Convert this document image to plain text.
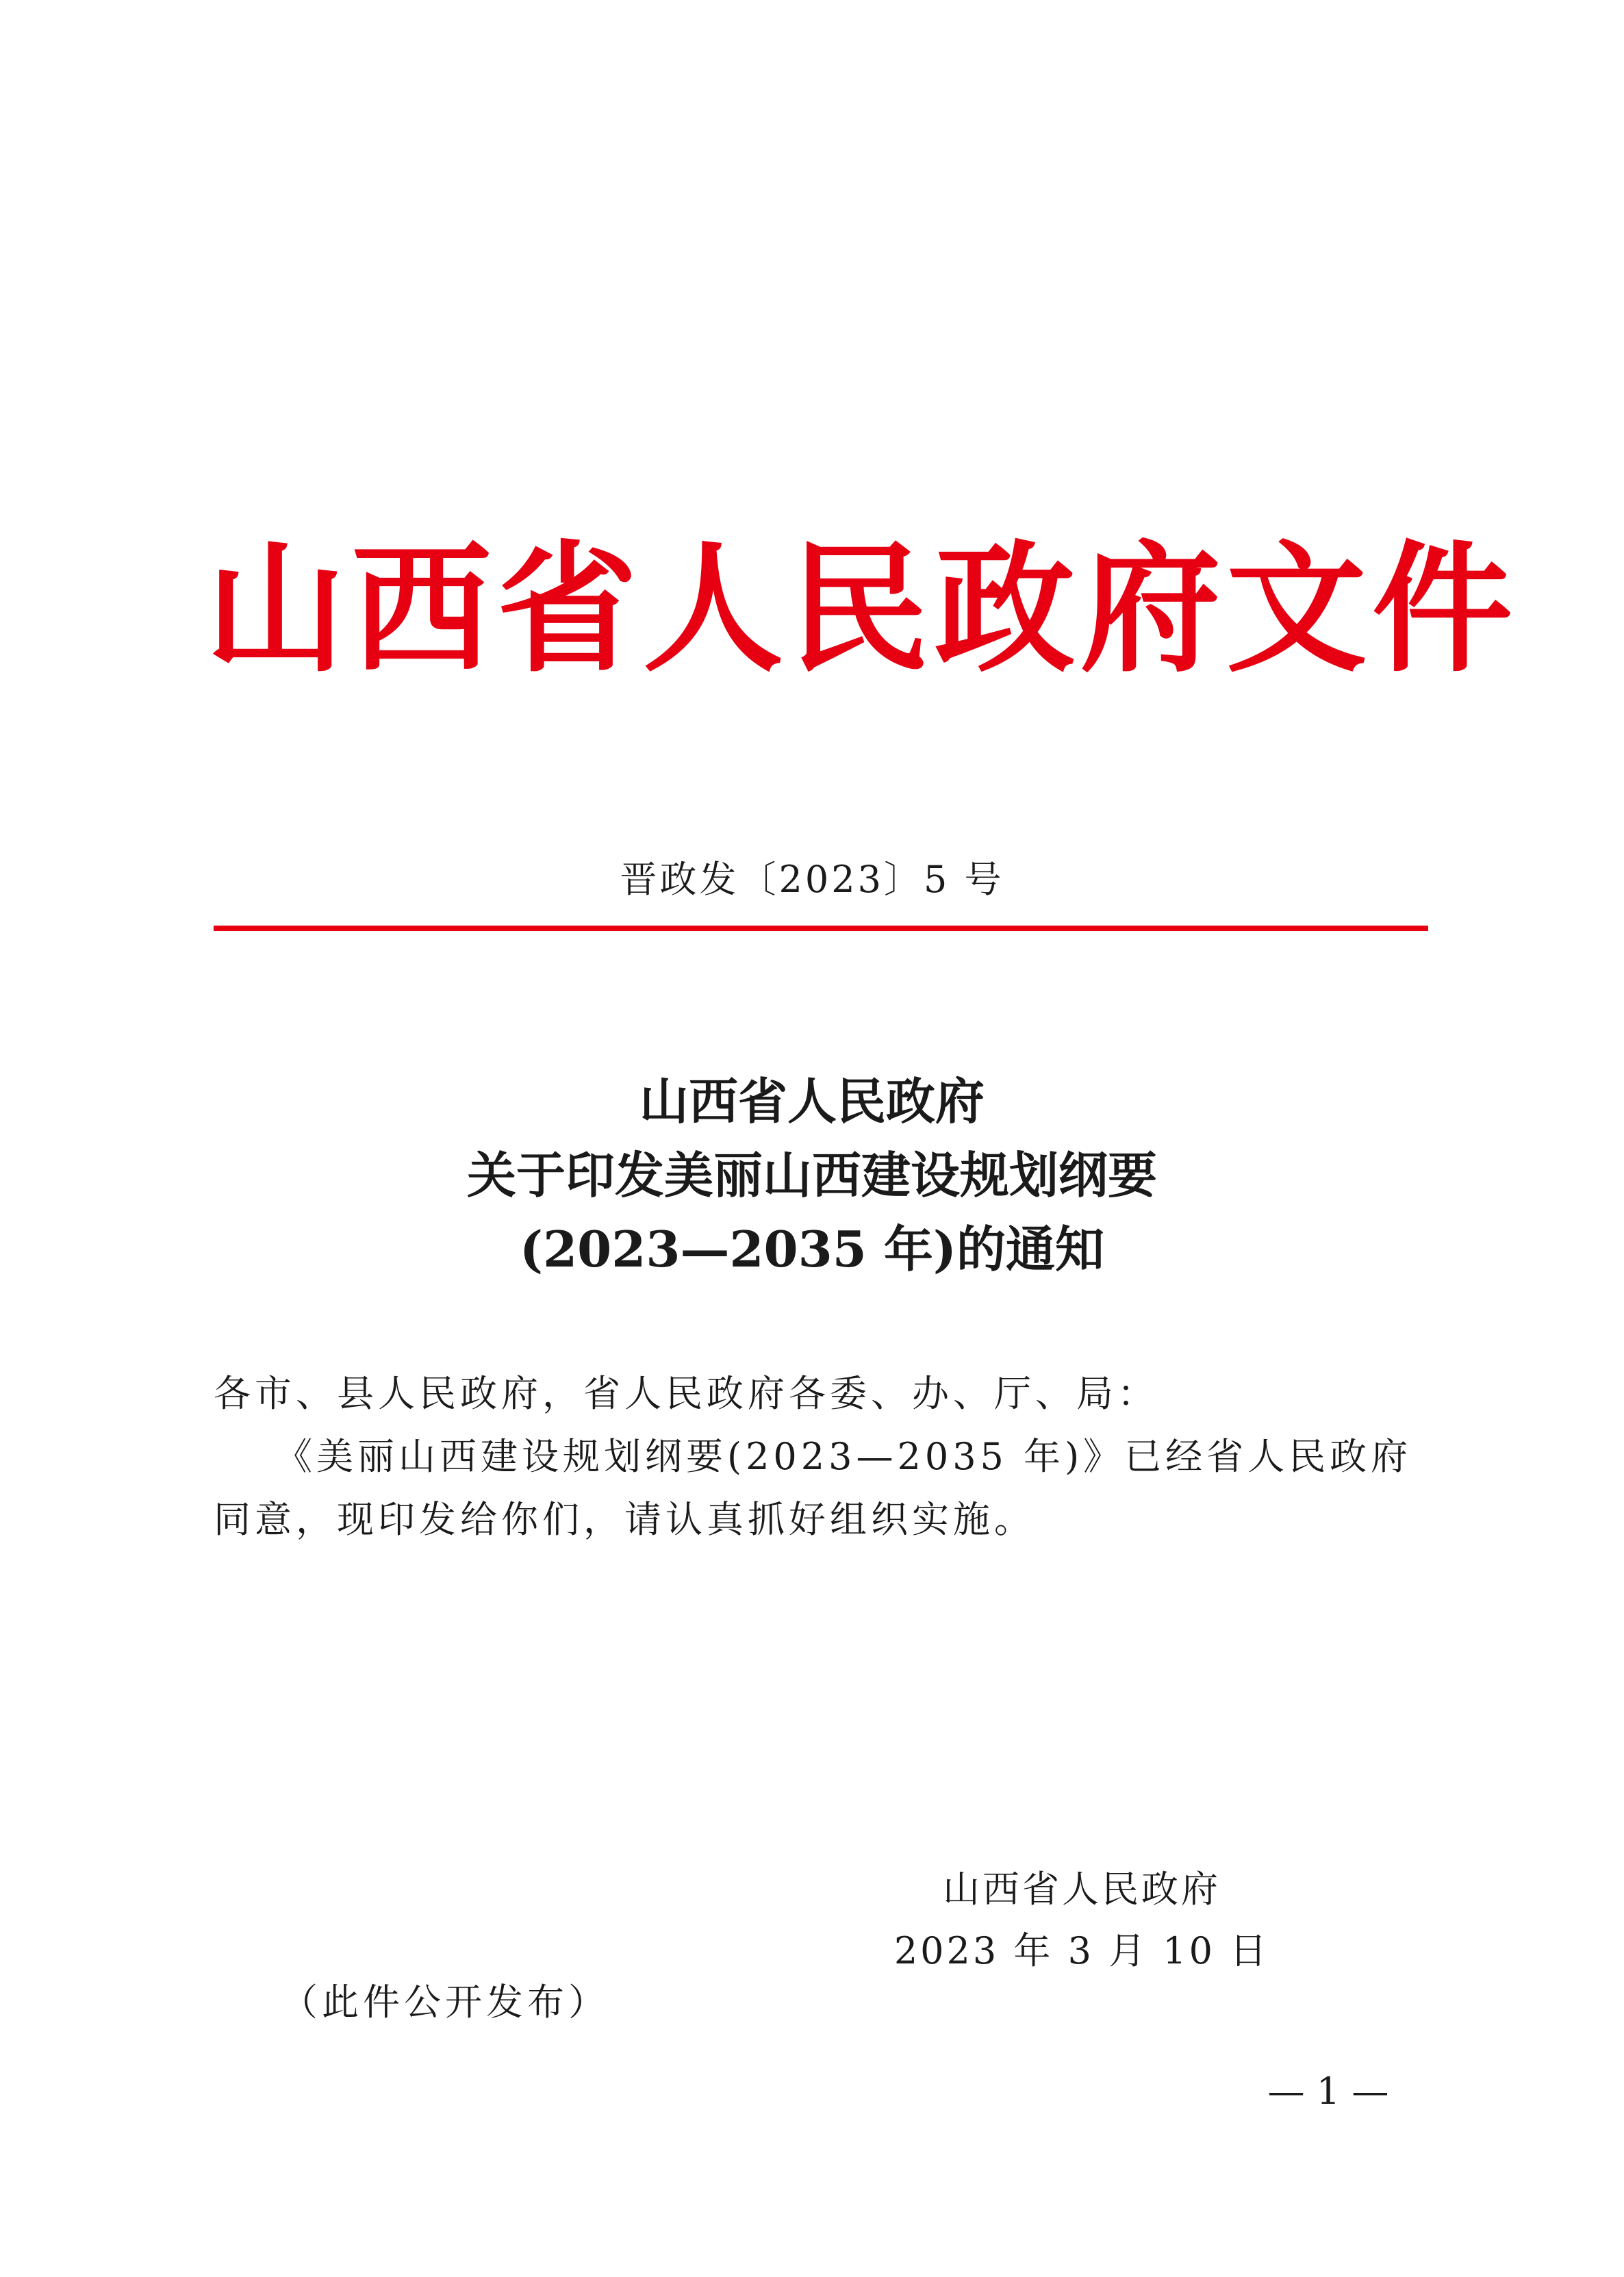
山西省人民政府文件
晋政发〔2023〕5 号
山西省人民政府
关于印发美丽山西建设规划纲要
(2023—2035 年)的通知
各市、县人民政府，省人民政府各委、办、厅、局：
《美丽山西建设规划纲要(2023—2035 年)》已经省人民政府
同意，现印发给你们，请认真抓好组织实施。
山西省人民政府
2023 年 3 月 10 日
（此件公开发布）
— 1 —
